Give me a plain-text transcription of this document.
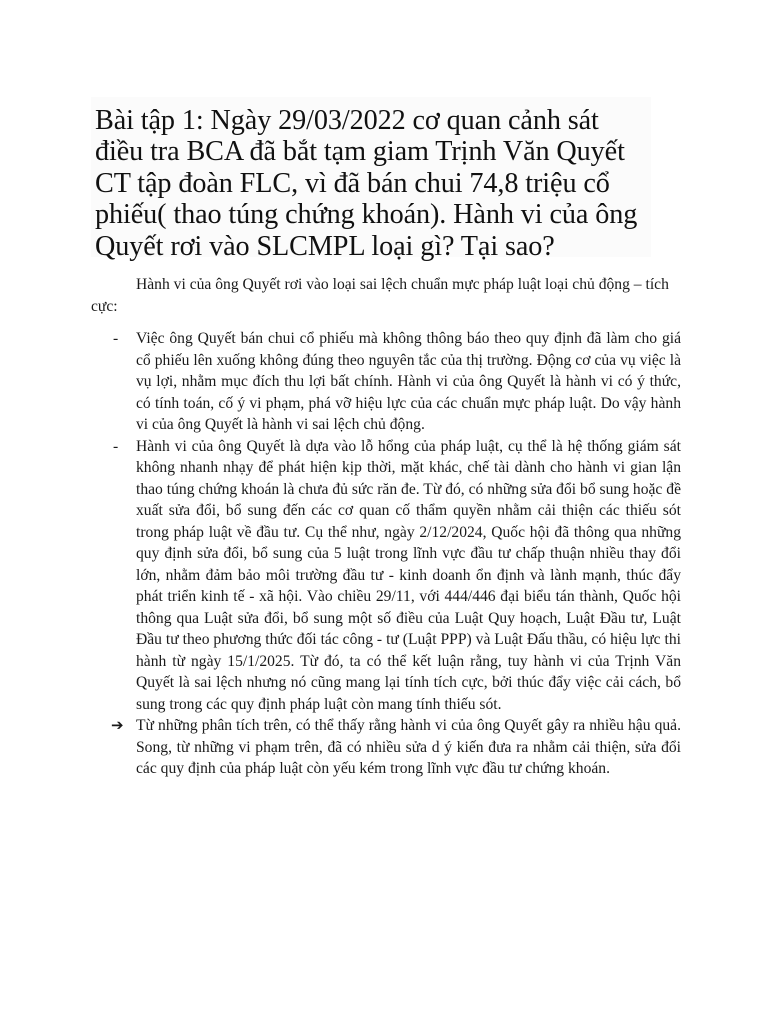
Bài tập 1: Ngày 29/03/2022 cơ quan cảnh sát điều tra BCA đã bắt tạm giam Trịnh Văn Quyết CT tập đoàn FLC, vì đã bán chui 74,8 triệu cổ phiếu( thao túng chứng khoán). Hành vi của ông Quyết rơi vào SLCMPL loại gì? Tại sao?

Hành vi của ông Quyết rơi vào loại sai lệch chuẩn mực pháp luật loại chủ động – tích cực:

-	Việc ông Quyết bán chui cổ phiếu mà không thông báo theo quy định đã làm cho giá cổ phiếu lên xuống không đúng theo nguyên tắc của thị trường. Động cơ của vụ việc là vụ lợi, nhằm mục đích thu lợi bất chính. Hành vi của ông Quyết là hành vi có ý thức, có tính toán, cố ý vi phạm, phá vỡ hiệu lực của các chuẩn mực pháp luật. Do vậy hành vi của ông Quyết là hành vi sai lệch chủ động.
-	Hành vi của ông Quyết là dựa vào lỗ hổng của pháp luật, cụ thể là hệ thống giám sát không nhanh nhạy để phát hiện kịp thời, mặt khác, chế tài dành cho hành vi gian lận thao túng chứng khoán là chưa đủ sức răn đe. Từ đó, có những sửa đổi bổ sung hoặc đề xuất sửa đổi, bổ sung đến các cơ quan cố thẩm quyền nhằm cải thiện các thiếu sót trong pháp luật về đầu tư. Cụ thể như, ngày 2/12/2024, Quốc hội đã thông qua những quy định sửa đổi, bổ sung của 5 luật trong lĩnh vực đầu tư chấp thuận nhiều thay đổi lớn, nhằm đảm bảo môi trường đầu tư - kinh doanh ổn định và lành mạnh, thúc đẩy phát triển kinh tế - xã hội. Vào chiều 29/11, với 444/446 đại biểu tán thành, Quốc hội thông qua Luật sửa đổi, bổ sung một số điều của Luật Quy hoạch, Luật Đầu tư, Luật Đầu tư theo phương thức đối tác công - tư (Luật PPP) và Luật Đấu thầu, có hiệu lực thi hành từ ngày 15/1/2025. Từ đó, ta có thể kết luận rằng, tuy hành vi của Trịnh Văn Quyết là sai lệch nhưng nó cũng mang lại tính tích cực, bởi thúc đẩy việc cải cách, bổ sung trong các quy định pháp luật còn mang tính thiếu sót.
➔ Từ những phân tích trên, có thể thấy rằng hành vi của ông Quyết gây ra nhiều hậu quả. Song, từ những vi phạm trên, đã có nhiều sửa d ý kiến đưa ra nhằm cải thiện, sửa đổi các quy định của pháp luật còn yếu kém trong lĩnh vực đầu tư chứng khoán.
